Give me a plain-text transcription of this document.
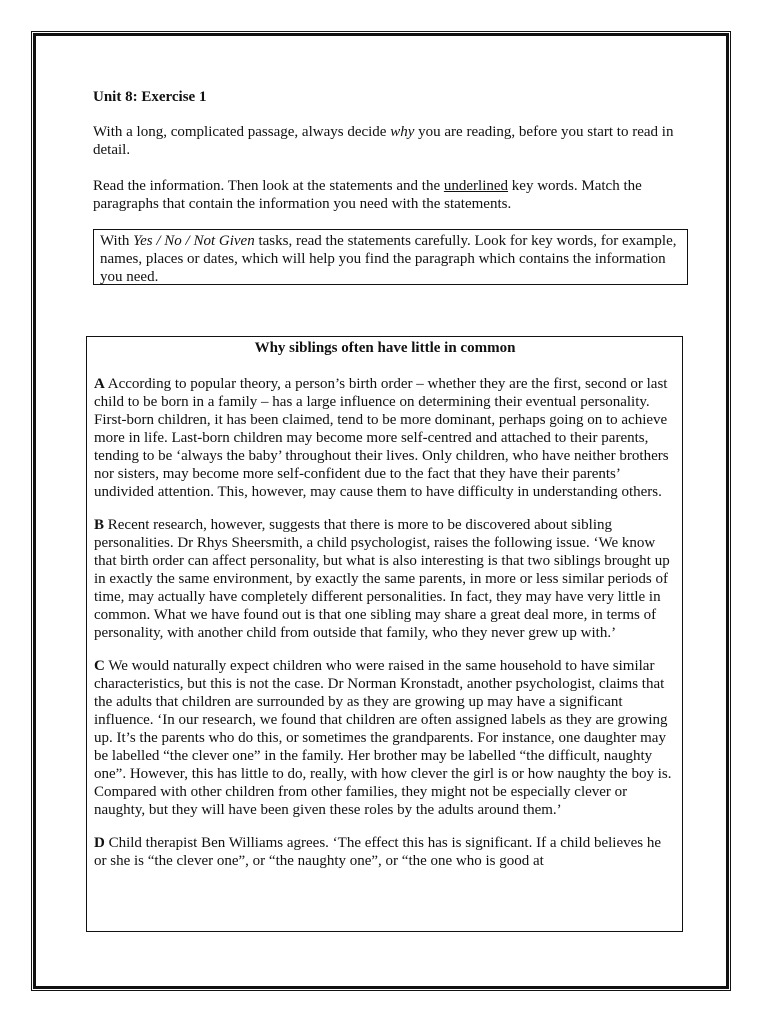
Unit 8: Exercise 1

With a long, complicated passage, always decide why you are reading, before you start to read in detail.

Read the information. Then look at the statements and the underlined key words. Match the paragraphs that contain the information you need with the statements.

With Yes / No / Not Given tasks, read the statements carefully. Look for key words, for example, names, places or dates, which will help you find the paragraph which contains the information you need.

Why siblings often have little in common

A According to popular theory, a person’s birth order – whether they are the first, second or last child to be born in a family – has a large influence on determining their eventual personality. First-born children, it has been claimed, tend to be more dominant, perhaps going on to achieve more in life. Last-born children may become more self-centred and attached to their parents, tending to be ‘always the baby’ throughout their lives. Only children, who have neither brothers nor sisters, may become more self-confident due to the fact that they have their parents’ undivided attention. This, however, may cause them to have difficulty in understanding others.

B Recent research, however, suggests that there is more to be discovered about sibling personalities. Dr Rhys Sheersmith, a child psychologist, raises the following issue. ‘We know that birth order can affect personality, but what is also interesting is that two siblings brought up in exactly the same environment, by exactly the same parents, in more or less similar periods of time, may actually have completely different personalities. In fact, they may have very little in common. What we have found out is that one sibling may share a great deal more, in terms of personality, with another child from outside that family, who they never grew up with.’

C We would naturally expect children who were raised in the same household to have similar characteristics, but this is not the case. Dr Norman Kronstadt, another psychologist, claims that the adults that children are surrounded by as they are growing up may have a significant influence. ‘In our research, we found that children are often assigned labels as they are growing up. It’s the parents who do this, or sometimes the grandparents. For instance, one daughter may be labelled “the clever one” in the family. Her brother may be labelled “the difficult, naughty one”. However, this has little to do, really, with how clever the girl is or how naughty the boy is. Compared with other children from other families, they might not be especially clever or naughty, but they will have been given these roles by the adults around them.’

D Child therapist Ben Williams agrees. ‘The effect this has is significant. If a child believes he or she is “the clever one”, or “the naughty one”, or “the one who is good at
